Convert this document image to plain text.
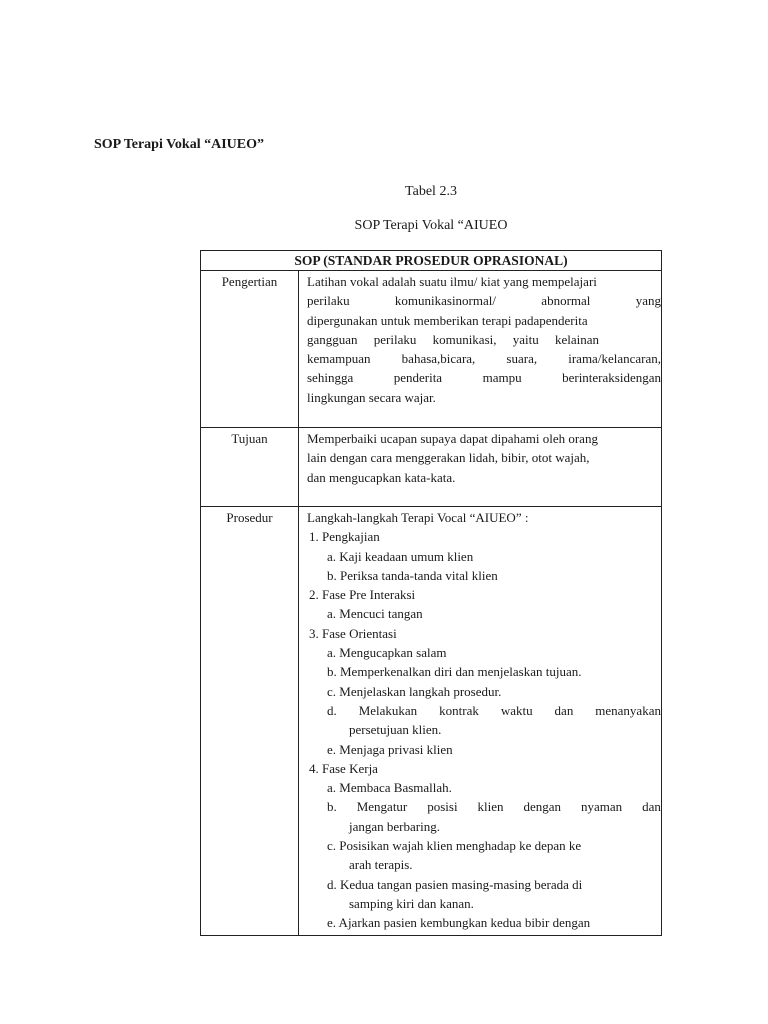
SOP Terapi Vokal “AIUEO”

Tabel 2.3

SOP Terapi Vokal “AIUEO

SOP (STANDAR PROSEDUR OPRASIONAL)
Pengertian	Latihan vokal adalah suatu ilmu/ kiat yang mempelajari
perilaku	komunikasinormal/	abnormal	yang
dipergunakan untuk memberikan terapi padapenderita
gangguan perilaku komunikasi, yaitu kelainan
kemampuan bahasa,bicara, suara, irama/kelancaran,
sehingga	penderita	mampu	berinteraksidengan
lingkungan secara wajar.
Tujuan	Memperbaiki ucapan supaya dapat dipahami oleh orang
lain dengan cara menggerakan lidah, bibir, otot wajah,
dan mengucapkan kata-kata.
Prosedur	Langkah-langkah Terapi Vocal “AIUEO” :
1. Pengkajian
a. Kaji keadaan umum klien
b. Periksa tanda-tanda vital klien
2. Fase Pre Interaksi
a. Mencuci tangan
3. Fase Orientasi
a. Mengucapkan salam
b. Memperkenalkan diri dan menjelaskan tujuan.
c. Menjelaskan langkah prosedur.
d. Melakukan kontrak waktu dan menanyakan
persetujuan klien.
e. Menjaga privasi klien
4. Fase Kerja
a. Membaca Basmallah.
b. Mengatur posisi klien dengan nyaman dan
jangan berbaring.
c. Posisikan wajah klien menghadap ke depan ke
arah terapis.
d. Kedua tangan pasien masing-masing berada di
samping kiri dan kanan.
e. Ajarkan pasien kembungkan kedua bibir dengan
